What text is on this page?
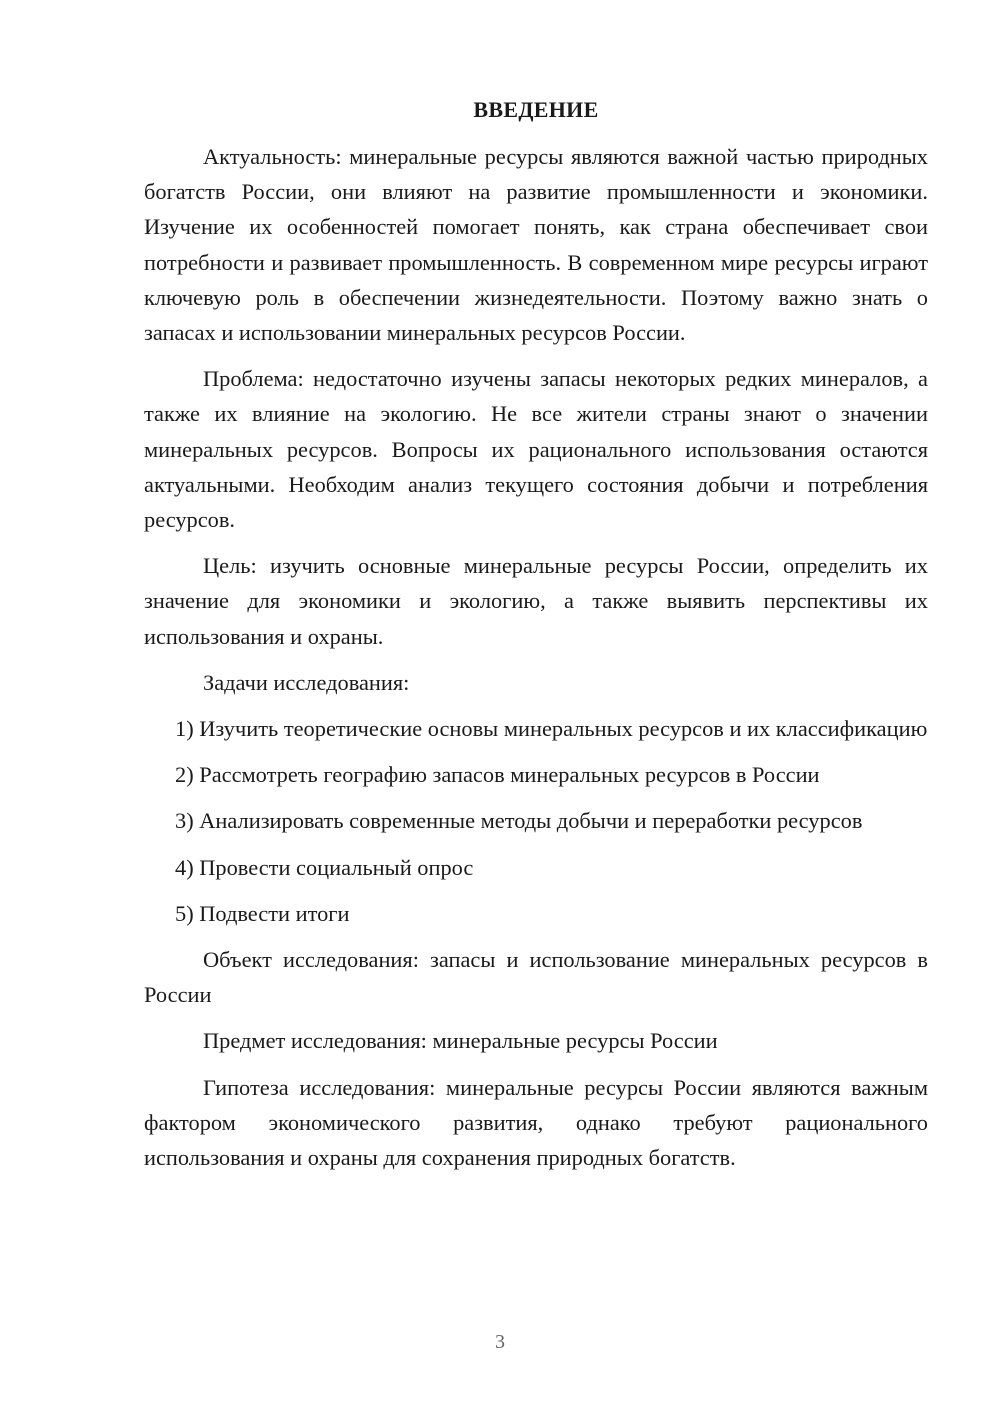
ВВЕДЕНИЕ

Актуальность: минеральные ресурсы являются важной частью природных богатств России, они влияют на развитие промышленности и экономики. Изучение их особенностей помогает понять, как страна обеспечивает свои потребности и развивает промышленность. В современном мире ресурсы играют ключевую роль в обеспечении жизнедеятельности. Поэтому важно знать о запасах и использовании минеральных ресурсов России.

Проблема: недостаточно изучены запасы некоторых редких минералов, а также их влияние на экологию. Не все жители страны знают о значении минеральных ресурсов. Вопросы их рационального использования остаются актуальными. Необходим анализ текущего состояния добычи и потребления ресурсов.

Цель: изучить основные минеральные ресурсы России, определить их значение для экономики и экологию, а также выявить перспективы их использования и охраны.

Задачи исследования:

1) Изучить теоретические основы минеральных ресурсов и их классификацию

2) Рассмотреть географию запасов минеральных ресурсов в России

3) Анализировать современные методы добычи и переработки ресурсов

4) Провести социальный опрос

5) Подвести итоги

Объект исследования: запасы и использование минеральных ресурсов в России

Предмет исследования: минеральные ресурсы России

Гипотеза исследования: минеральные ресурсы России являются важным фактором экономического развития, однако требуют рационального использования и охраны для сохранения природных богатств.

3
